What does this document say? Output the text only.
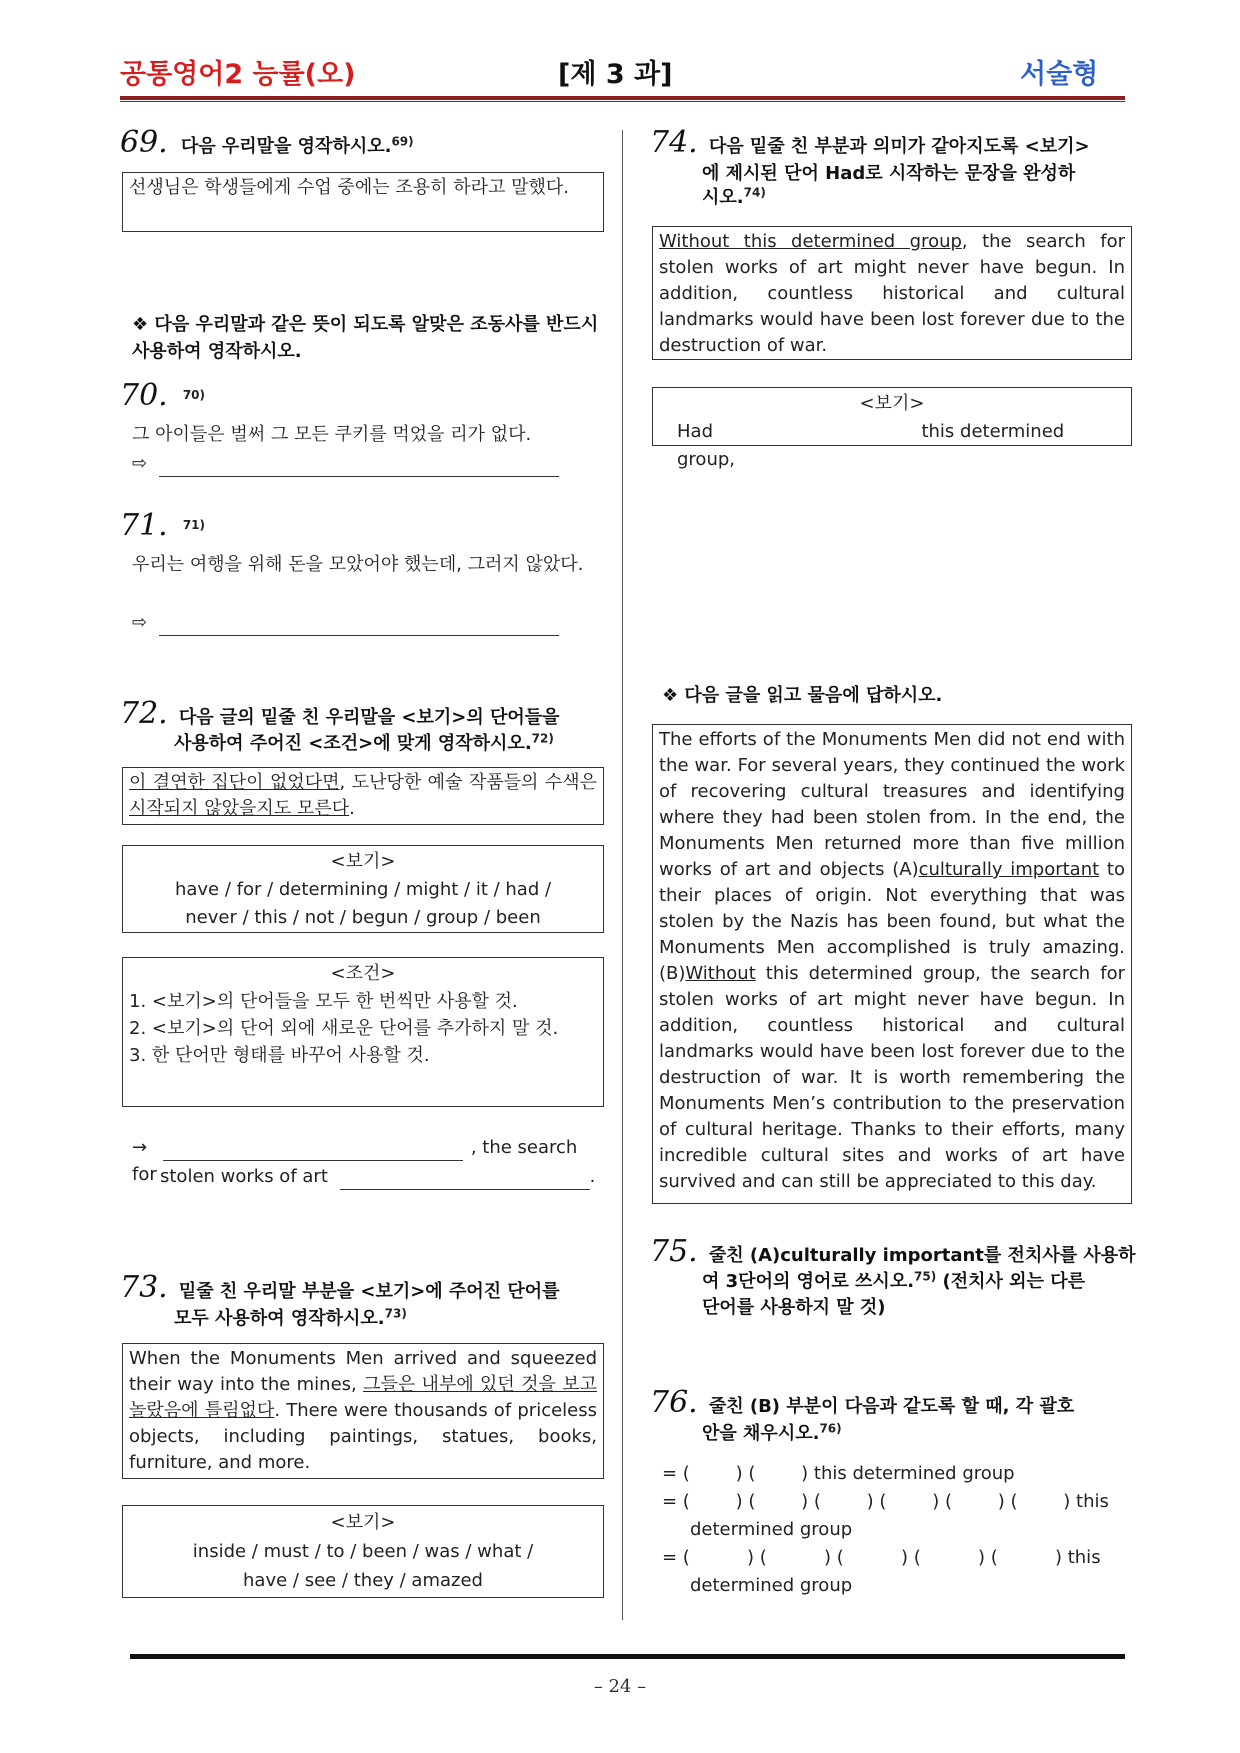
공통영어2 능률(오)	[제 3 과]	서술형
69. 다음 우리말을 영작하시오.$^{69)}$
선생님은 학생들에게 수업 중에는 조용히 하라고 말했다.
❖ 다음 우리말과 같은 뜻이 되도록 알맞은 조동사를 반드시 사용하여 영작하시오.
70. $^{70)}$
그 아이들은 벌써 그 모든 쿠키를 먹었을 리가 없다.
⇨
71. $^{71)}$
우리는 여행을 위해 돈을 모았어야 했는데, 그러지 않았다.
⇨
72. 다음 글의 밑줄 친 우리말을 <보기>의 단어들을
사용하여 주어진 <조건>에 맞게 영작하시오.$^{72)}$
이 결연한 집단이 없었다면, 도난당한 예술 작품들의 수색은 시작되지 않았을지도 모른다.
<보기>
have / for / determining / might / it / had /
never / this / not / begun / group / been
<조건>
1. <보기>의 단어들을 모두 한 번씩만 사용할 것.
2. <보기>의 단어 외에 새로운 단어를 추가하지 말 것.
3. 한 단어만 형태를 바꾸어 사용할 것.
→	, the search for stolen works of art	.
73. 밑줄 친 우리말 부분을 <보기>에 주어진 단어를
모두 사용하여 영작하시오.$^{73)}$
When the Monuments Men arrived and squeezed their way into the mines, 그들은 내부에 있던 것을 보고 놀랐음에 틀림없다. There were thousands of priceless objects, including paintings, statues, books, furniture, and more.
<보기>
inside / must / to / been / was / what /
have / see / they / amazed
74. 다음 밑줄 친 부분과 의미가 같아지도록 <보기>
에 제시된 단어 Had로 시작하는 문장을 완성하
시오.$^{74)}$
Without this determined group, the search for stolen works of art might never have begun. In addition, countless historical and cultural landmarks would have been lost forever due to the destruction of war.
<보기>
Had	this determined group,
❖ 다음 글을 읽고 물음에 답하시오.
The efforts of the Monuments Men did not end with the war. For several years, they continued the work of recovering cultural treasures and identifying where they had been stolen from. In the end, the Monuments Men returned more than five million works of art and objects (A)culturally important to their places of origin. Not everything that was stolen by the Nazis has been found, but what the Monuments Men accomplished is truly amazing. (B)Without this determined group, the search for stolen works of art might never have begun. In addition, countless historical and cultural landmarks would have been lost forever due to the destruction of war. It is worth remembering the Monuments Men’s contribution to the preservation of cultural heritage. Thanks to their efforts, many incredible cultural sites and works of art have survived and can still be appreciated to this day.
75. 줄친 (A)culturally important를 전치사를 사용하
여 3단어의 영어로 쓰시오.$^{75)}$ (전치사 외는 다른
단어를 사용하지 말 것)
76. 줄친 (B) 부분이 다음과 같도록 할 때, 각 괄호
안을 채우시오.$^{76)}$
= (        ) (        ) this determined group
= (        ) (        ) (        ) (        ) (        ) (        ) this
determined group
= (          ) (          ) (          ) (          ) (          ) this
determined group
– 24 –
